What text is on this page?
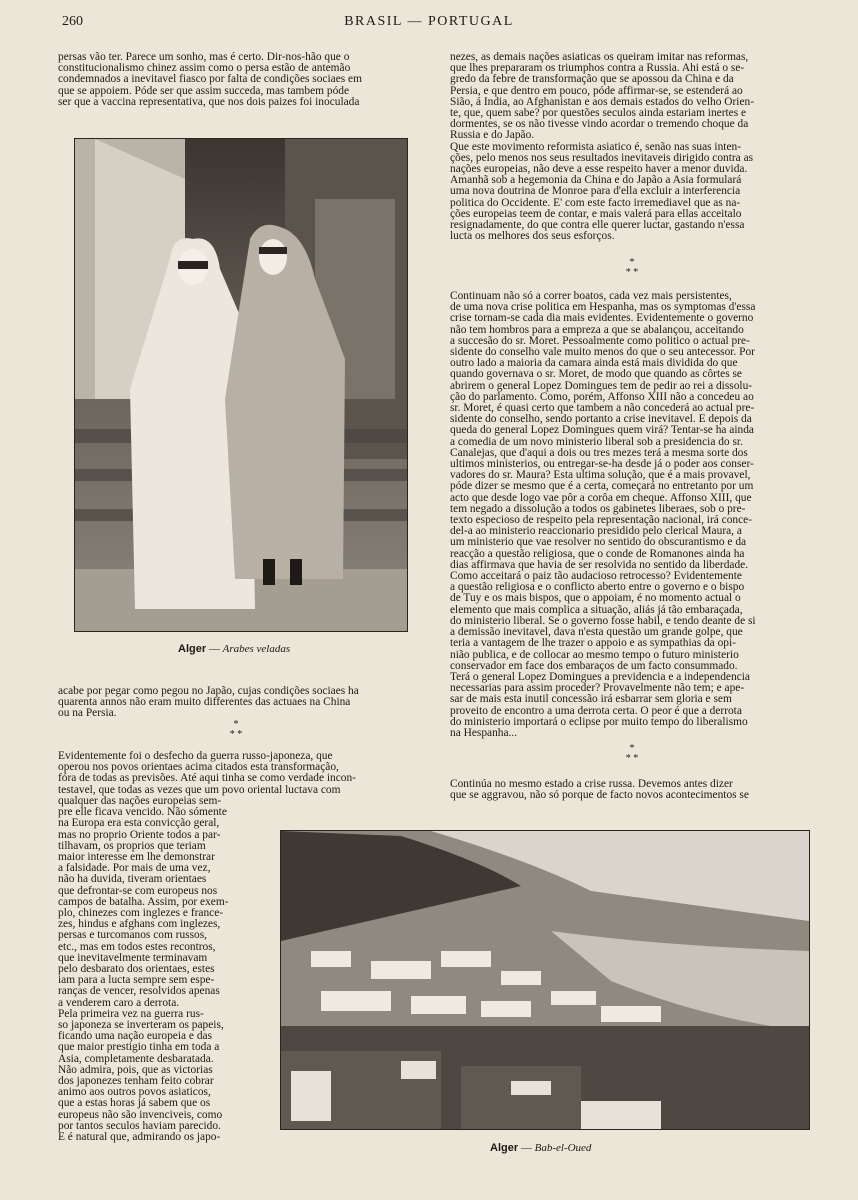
260	BRASIL — PORTUGAL

persas vão ter. Parece um sonho, mas é certo. Dir-nos-hão que o
constitucionalismo chinez assim como o persa estão de antemão
condemnados a inevitavel fiasco por falta de condições sociaes em
que se appoiem. Póde ser que assim succeda, mas tambem póde
ser que a vaccina representativa, que nos dois paizes foi inoculada

Alger — Arabes veladas

acabe por pegar como pegou no Japão, cujas condições sociaes ha
quarenta annos não eram muito differentes das actuaes na China
ou na Persia.

*
* *

Evidentemente foi o desfecho da guerra russo-japoneza, que
operou nos povos orientaes acima citados esta transformação,
fóra de todas as previsões. Até aqui tinha se como verdade incon-
testavel, que todas as vezes que um povo oriental luctava com

qualquer das nações europeias sem-
pre elle ficava vencido. Não sómente
na Europa era esta convicção geral,
mas no proprio Oriente todos a par-
tilhavam, os proprios que teriam
maior interesse em lhe demonstrar
a falsidade. Por mais de uma vez,
não ha duvida, tiveram orientaes
que defrontar-se com europeus nos
campos de batalha. Assim, por exem-
plo, chinezes com inglezes e france-
zes, hindus e afghans com inglezes,
persas e turcomanos com russos,
etc., mas em todos estes recontros,
que inevitavelmente terminavam
pelo desbarato dos orientaes, estes
iam para a lucta sempre sem espe-
ranças de vencer, resolvidos apenas
a venderem caro a derrota.
Pela primeira vez na guerra rus-
so japoneza se inverteram os papeis,
ficando uma nação europeia e das
que maior prestigio tinha em toda a
Asia, completamente desbaratada.
Não admira, pois, que as victorias
dos japonezes tenham feito cobrar
animo aos outros povos asiaticos,
que a estas horas já sabem que os
europeus não são invenciveis, como
por tantos seculos haviam parecido.
E é natural que, admirando os japo-

nezes, as demais nações asiaticas os queiram imitar nas reformas,
que lhes prepararam os triumphos contra a Russia. Ahi está o se-
gredo da febre de transformação que se apossou da China e da
Persia, e que dentro em pouco, póde affirmar-se, se estenderá ao
Sião, á India, ao Afghanistan e aos demais estados do velho Orien-
te, que, quem sabe? por questões seculos ainda estariam inertes e
dormentes, se os não tivesse vindo acordar o tremendo choque da
Russia e do Japão.
Que este movimento reformista asiatico é, senão nas suas inten-
ções, pelo menos nos seus resultados inevitaveis dirigido contra as
nações europeias, não deve a esse respeito haver a menor duvida.
Amanhã sob a hegemonia da China e do Japão a Asia formulará
uma nova doutrina de Monroe para d'ella excluir a interferencia
politica do Occidente. E' com este facto irremediavel que as na-
ções europeias teem de contar, e mais valerá para ellas acceitalo
resignadamente, do que contra elle querer luctar, gastando n'essa
lucta os melhores dos seus esforços.

*
* *

Continuam não só a correr boatos, cada vez mais persistentes,
de uma nova crise politica em Hespanha, mas os symptomas d'essa
crise tornam-se cada dia mais evidentes. Evidentemente o governo
não tem hombros para a empreza a que se abalançou, acceitando
a succesão do sr. Moret. Pessoalmente como politico o actual pre-
sidente do conselho vale muito menos do que o seu antecessor. Por
outro lado a maioria da camara ainda está mais dividida do que
quando governava o sr. Moret, de modo que quando as côrtes se
abrirem o general Lopez Domingues tem de pedir ao rei a dissolu-
ção do parlamento. Como, porém, Affonso XIII não a concedeu ao
sr. Moret, é quasi certo que tambem a não concederá ao actual pre-
sidente do conselho, sendo portanto a crise inevitavel. E depois da
queda do general Lopez Domingues quem virá? Tentar-se ha ainda
a comedia de um novo ministerio liberal sob a presidencia do sr.
Canalejas, que d'aqui a dois ou tres mezes terá a mesma sorte dos
ultimos ministerios, ou entregar-se-ha desde já o poder aos conser-
vadores do sr. Maura? Esta ultima solução, que é a mais provavel,
póde dizer se mesmo que é a certa, começará no entretanto por um
acto que desde logo vae pôr a corôa em cheque. Affonso XIII, que
tem negado a dissolução a todos os gabinetes liberaes, sob o pre-
texto especioso de respeito pela representação nacional, irá conce-
del-a ao ministerio reaccionario presidido pelo clerical Maura, a
um ministerio que vae resolver no sentido do obscurantismo e da
reacção a questão religiosa, que o conde de Romanones ainda ha
dias affirmava que havia de ser resolvida no sentido da liberdade.
Como acceitará o paiz tão audacioso retrocesso? Evidentemente
a questão religiosa e o conflicto aberto entre o governo e o bispo
de Tuy e os mais bispos, que o appoiam, é no momento actual o
elemento que mais complica a situação, aliás já tão embaraçada,
do ministerio liberal. Se o governo fosse habil, e tendo deante de si
a demissão inevitavel, dava n'esta questão um grande golpe, que
teria a vantagem de lhe trazer o appoio e as sympathias da opi-
nião publica, e de collocar ao mesmo tempo o futuro ministerio
conservador em face dos embaraços de um facto consummado.
Terá o general Lopez Domingues a previdencia e a independencia
necessarias para assim proceder? Provavelmente não tem; e ape-
sar de mais esta inutil concessão irá esbarrar sem gloria e sem
proveito de encontro a uma derrota certa. O peor é que a derrota
do ministerio importará o eclipse por muito tempo do liberalismo
na Hespanha...

*
* *

Continúa no mesmo estado a crise russa. Devemos antes dizer
que se aggravou, não só porque de facto novos acontecimentos se

Alger — Bab-el-Oued
